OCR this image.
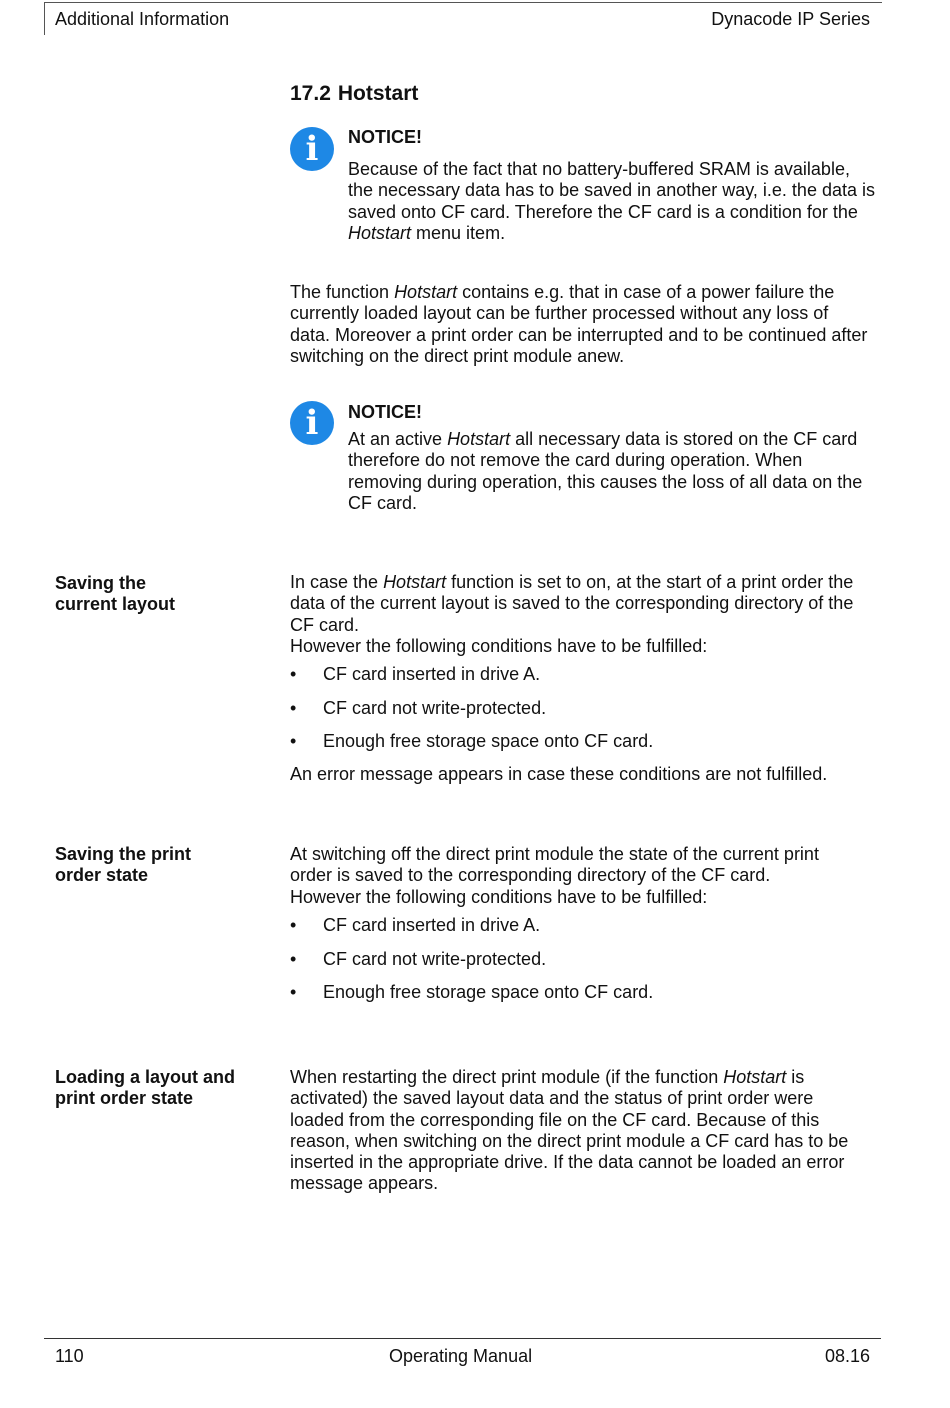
Additional Information	Dynacode IP Series
17.2 Hotstart
i	NOTICE!
Because of the fact that no battery-buffered SRAM is available, the necessary data has to be saved in another way, i.e. the data is saved onto CF card. Therefore the CF card is a condition for the Hotstart menu item.
The function Hotstart contains e.g. that in case of a power failure the currently loaded layout can be further processed without any loss of data. Moreover a print order can be interrupted and to be continued after switching on the direct print module anew.
i	NOTICE!
At an active Hotstart all necessary data is stored on the CF card therefore do not remove the card during operation. When removing during operation, this causes the loss of all data on the CF card.
Saving the
current layout
In case the Hotstart function is set to on, at the start of a print order the data of the current layout is saved to the corresponding directory of the CF card.
However the following conditions have to be fulfilled:
• CF card inserted in drive A.
• CF card not write-protected.
• Enough free storage space onto CF card.
An error message appears in case these conditions are not fulfilled.
Saving the print
order state
At switching off the direct print module the state of the current print order is saved to the corresponding directory of the CF card.
However the following conditions have to be fulfilled:
• CF card inserted in drive A.
• CF card not write-protected.
• Enough free storage space onto CF card.
Loading a layout and
print order state
When restarting the direct print module (if the function Hotstart is activated) the saved layout data and the status of print order were loaded from the corresponding file on the CF card. Because of this reason, when switching on the direct print module a CF card has to be inserted in the appropriate drive. If the data cannot be loaded an error message appears.
110	Operating Manual	08.16
